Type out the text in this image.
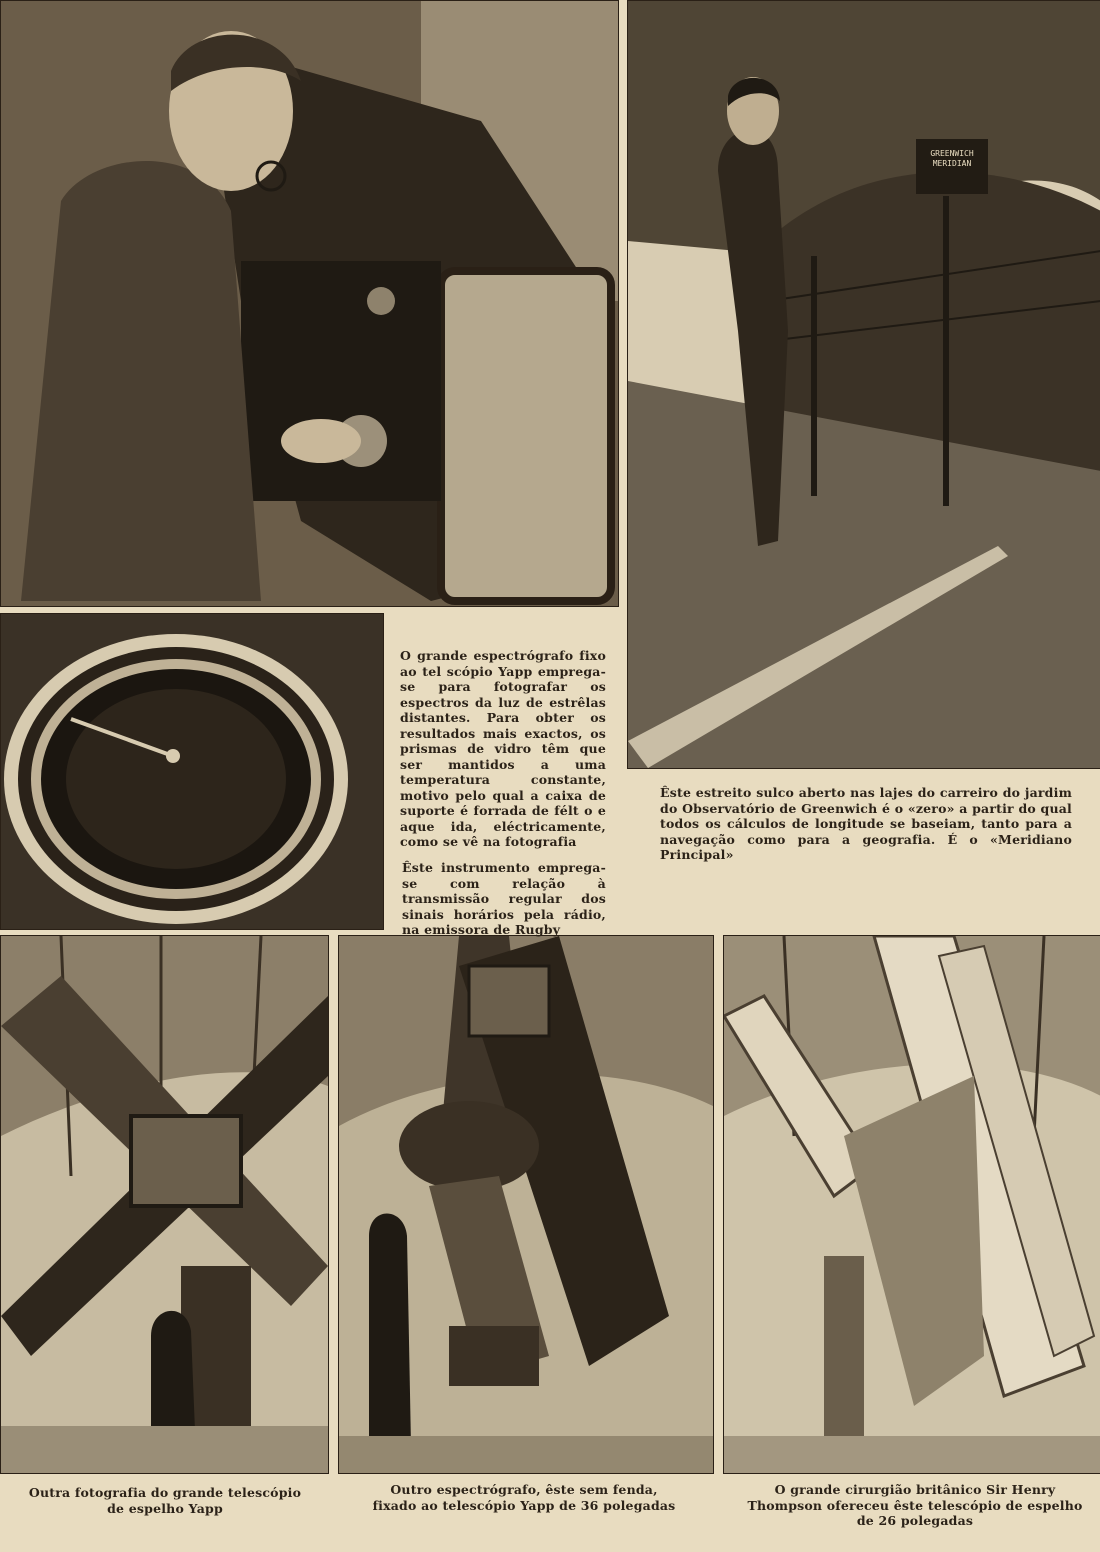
GREENWICH
MERIDIAN
O grande espectrógrafo fixo ao tel scópio Yapp emprega-se para fotografar os espectros da luz de estrêlas distantes. Para obter os resultados mais exactos, os prismas de vidro têm que ser mantidos a uma temperatura constante, motivo pelo qual a caixa de suporte é forrada de félt o e aque ida, eléctricamente, como se vê na fotografia
Êste estreito sulco aberto nas lajes do carreiro do jardim do Observatório de Greenwich é o «zero» a partir do qual todos os cálculos de longitude se baseiam, tanto para a navegação como para a geografia. É o «Meridiano Principal»
Êste instrumento emprega-se com relação à transmissão regular dos sinais horários pela rádio, na emissora de Rugby
Outra fotografia do grande telescópio de espelho Yapp
Outro espectrógrafo, êste sem fenda, fixado ao telescópio Yapp de 36 polegadas
O grande cirurgião britânico Sir Henry Thompson ofereceu êste telescópio de espelho de 26 polegadas
